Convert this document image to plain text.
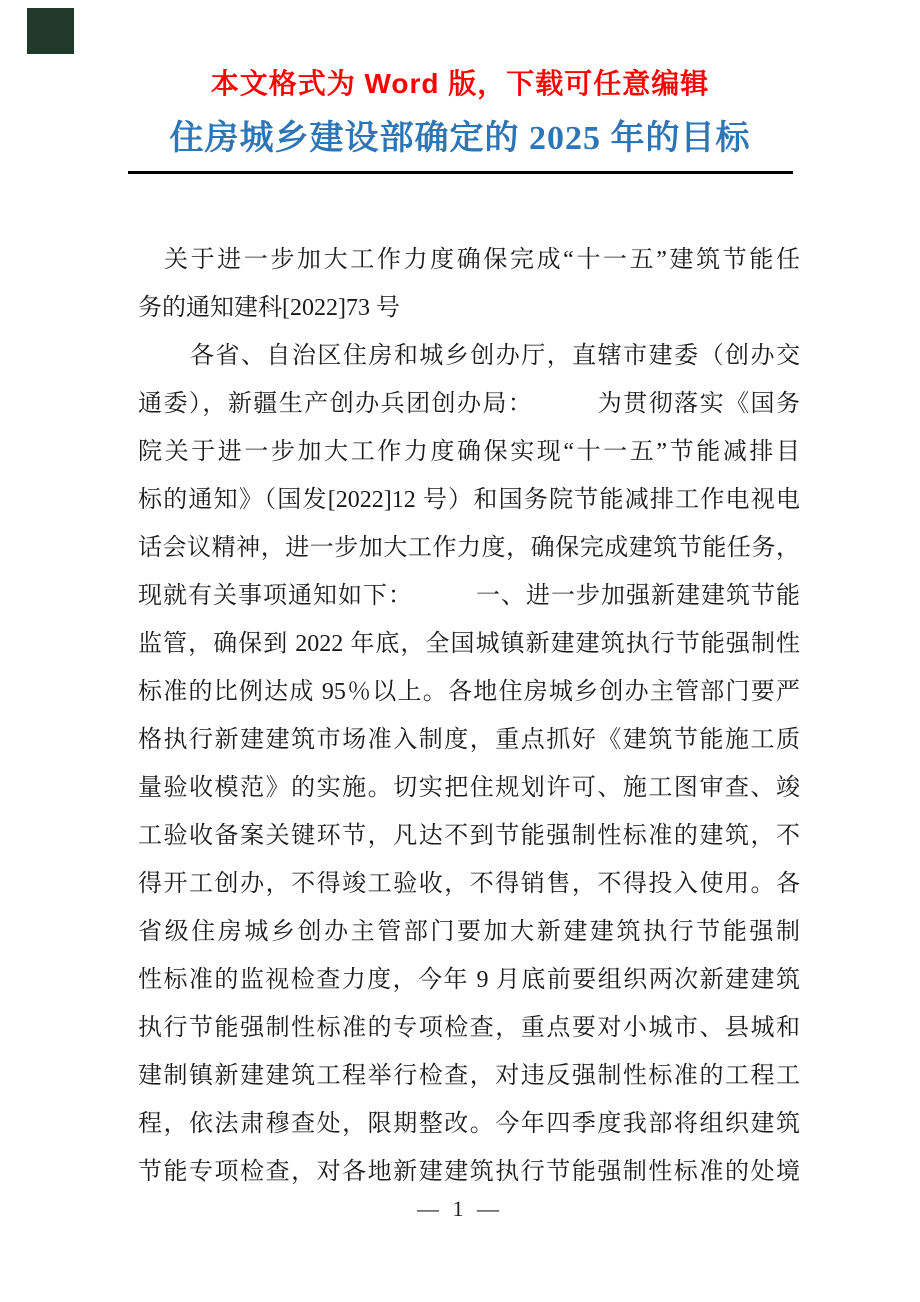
本文格式为 Word 版，下载可任意编辑
住房城乡建设部确定的 2025 年的目标
关于进一步加大工作力度确保完成“十一五”建筑节能任
务的通知建科[2022]73 号
各省、自治区住房和城乡创办厅，直辖市建委（创办交
通委），新疆生产创办兵团创办局：　　　为贯彻落实《国务
院关于进一步加大工作力度确保实现“十一五”节能减排目
标的通知》（国发[2022]12 号）和国务院节能减排工作电视电
话会议精神，进一步加大工作力度，确保完成建筑节能任务，
现就有关事项通知如下：　　　一、进一步加强新建建筑节能
监管，确保到 2022 年底，全国城镇新建建筑执行节能强制性
标准的比例达成 95％以上。各地住房城乡创办主管部门要严
格执行新建建筑市场准入制度，重点抓好《建筑节能施工质
量验收模范》的实施。切实把住规划许可、施工图审查、竣
工验收备案关键环节，凡达不到节能强制性标准的建筑，不
得开工创办，不得竣工验收，不得销售，不得投入使用。各
省级住房城乡创办主管部门要加大新建建筑执行节能强制
性标准的监视检查力度，今年 9 月底前要组织两次新建建筑
执行节能强制性标准的专项检查，重点要对小城市、县城和
建制镇新建建筑工程举行检查，对违反强制性标准的工程工
程，依法肃穆查处，限期整改。今年四季度我部将组织建筑
节能专项检查，对各地新建建筑执行节能强制性标准的处境
— 1 —
